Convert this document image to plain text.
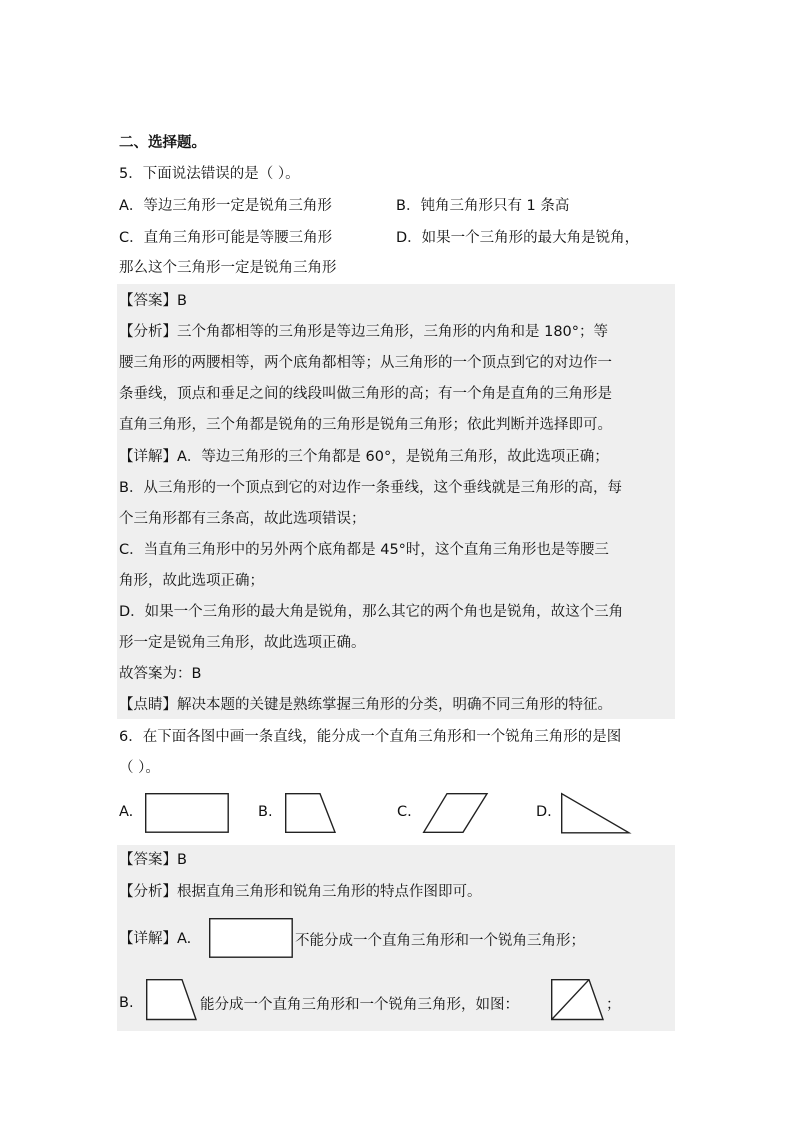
二、选择题。
5．下面说法错误的是（ ）。
A．等边三角形一定是锐角三角形	B．钝角三角形只有 1 条高
C．直角三角形可能是等腰三角形	D．如果一个三角形的最大角是锐角，
那么这个三角形一定是锐角三角形
【答案】B
【分析】三个角都相等的三角形是等边三角形，三角形的内角和是 180°；等
腰三角形的两腰相等，两个底角都相等；从三角形的一个顶点到它的对边作一
条垂线，顶点和垂足之间的线段叫做三角形的高；有一个角是直角的三角形是
直角三角形，三个角都是锐角的三角形是锐角三角形；依此判断并选择即可。
【详解】A．等边三角形的三个角都是 60°，是锐角三角形，故此选项正确；
B．从三角形的一个顶点到它的对边作一条垂线，这个垂线就是三角形的高，每
个三角形都有三条高，故此选项错误；
C．当直角三角形中的另外两个底角都是 45°时，这个直角三角形也是等腰三
角形，故此选项正确；
D．如果一个三角形的最大角是锐角，那么其它的两个角也是锐角，故这个三角
形一定是锐角三角形，故此选项正确。
故答案为：B
【点睛】解决本题的关键是熟练掌握三角形的分类，明确不同三角形的特征。
6．在下面各图中画一条直线，能分成一个直角三角形和一个锐角三角形的是图
（ ）。
A.	B.	C.	D.
【答案】B
【分析】根据直角三角形和锐角三角形的特点作图即可。
【详解】A.	不能分成一个直角三角形和一个锐角三角形；
B.	能分成一个直角三角形和一个锐角三角形，如图：	；
